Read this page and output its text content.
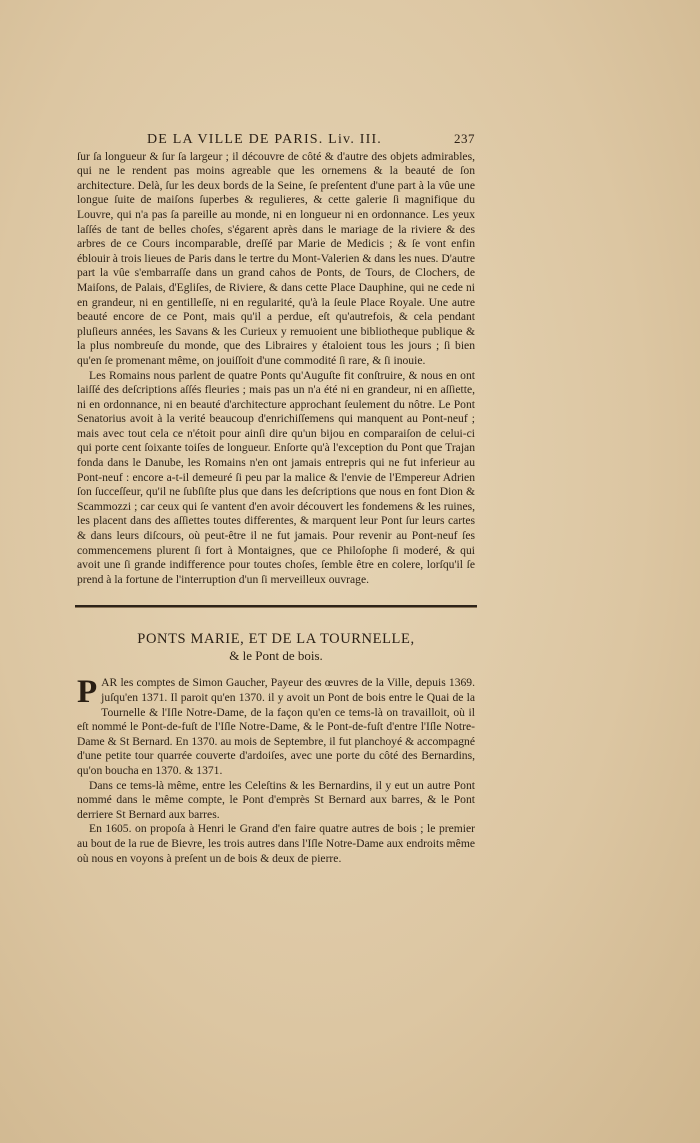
DE LA VILLE DE PARIS. Liv. III.	237

ſur ſa longueur & ſur ſa largeur ; il découvre de côté & d'autre des objets admirables, qui ne le rendent pas moins agreable que les ornemens & la beauté de ſon architecture. Delà, ſur les deux bords de la Seine, ſe preſentent d'une part à la vûe une longue ſuite de maiſons ſuperbes & regulieres, & cette galerie ſi magnifique du Louvre, qui n'a pas ſa pareille au monde, ni en longueur ni en ordonnance. Les yeux laſſés de tant de belles choſes, s'égarent après dans le mariage de la riviere & des arbres de ce Cours incomparable, dreſſé par Marie de Medicis ; & ſe vont enfin éblouir à trois lieues de Paris dans le tertre du Mont-Valerien & dans les nues. D'autre part la vûe s'embarraſſe dans un grand cahos de Ponts, de Tours, de Clochers, de Maiſons, de Palais, d'Egliſes, de Riviere, & dans cette Place Dauphine, qui ne cede ni en grandeur, ni en gentilleſſe, ni en regularité, qu'à la ſeule Place Royale. Une autre beauté encore de ce Pont, mais qu'il a perdue, eſt qu'autrefois, & cela pendant pluſieurs années, les Savans & les Curieux y remuoient une bibliotheque publique & la plus nombreuſe du monde, que des Libraires y étaloient tous les jours ; ſi bien qu'en ſe promenant même, on jouiſſoit d'une commodité ſi rare, & ſi inouie.

Les Romains nous parlent de quatre Ponts qu'Auguſte fit conſtruire, & nous en ont laiſſé des deſcriptions aſſés fleuries ; mais pas un n'a été ni en grandeur, ni en aſſiette, ni en ordonnance, ni en beauté d'architecture approchant ſeulement du nôtre. Le Pont Senatorius avoit à la verité beaucoup d'enrichiſſemens qui manquent au Pont-neuf ; mais avec tout cela ce n'étoit pour ainſi dire qu'un bijou en comparaiſon de celui-ci qui porte cent ſoixante toiſes de longueur. Enſorte qu'à l'exception du Pont que Trajan fonda dans le Danube, les Romains n'en ont jamais entrepris qui ne fut inferieur au Pont-neuf : encore a-t-il demeuré ſi peu par la malice & l'envie de l'Empereur Adrien ſon ſucceſſeur, qu'il ne ſubſiſte plus que dans les deſcriptions que nous en font Dion & Scammozzi ; car ceux qui ſe vantent d'en avoir découvert les fondemens & les ruines, les placent dans des aſſiettes toutes differentes, & marquent leur Pont ſur leurs cartes & dans leurs diſcours, où peut-être il ne fut jamais. Pour revenir au Pont-neuf ſes commencemens plurent ſi fort à Montaignes, que ce Philoſophe ſi moderé, & qui avoit une ſi grande indifference pour toutes choſes, ſemble être en colere, lorſqu'il ſe prend à la fortune de l'interruption d'un ſi merveilleux ouvrage.

PONTS MARIE, ET DE LA TOURNELLE,
& le Pont de bois.

PAR les comptes de Simon Gaucher, Payeur des œuvres de la Ville, depuis 1369. juſqu'en 1371. Il paroit qu'en 1370. il y avoit un Pont de bois entre le Quai de la Tournelle & l'Iſle Notre-Dame, de la façon qu'en ce tems-là on travailloit, où il eſt nommé le Pont-de-fuſt de l'Iſle Notre-Dame, & le Pont-de-fuſt d'entre l'Iſle Notre-Dame & St Bernard. En 1370. au mois de Septembre, il fut planchoyé & accompagné d'une petite tour quarrée couverte d'ardoiſes, avec une porte du côté des Bernardins, qu'on boucha en 1370. & 1371.

Dans ce tems-là même, entre les Celeſtins & les Bernardins, il y eut un autre Pont nommé dans le même compte, le Pont d'emprès St Bernard aux barres, & le Pont derriere St Bernard aux barres.

En 1605. on propoſa à Henri le Grand d'en faire quatre autres de bois ; le premier au bout de la rue de Bievre, les trois autres dans l'Iſle Notre-Dame aux endroits même où nous en voyons à preſent un de bois & deux de pierre.
